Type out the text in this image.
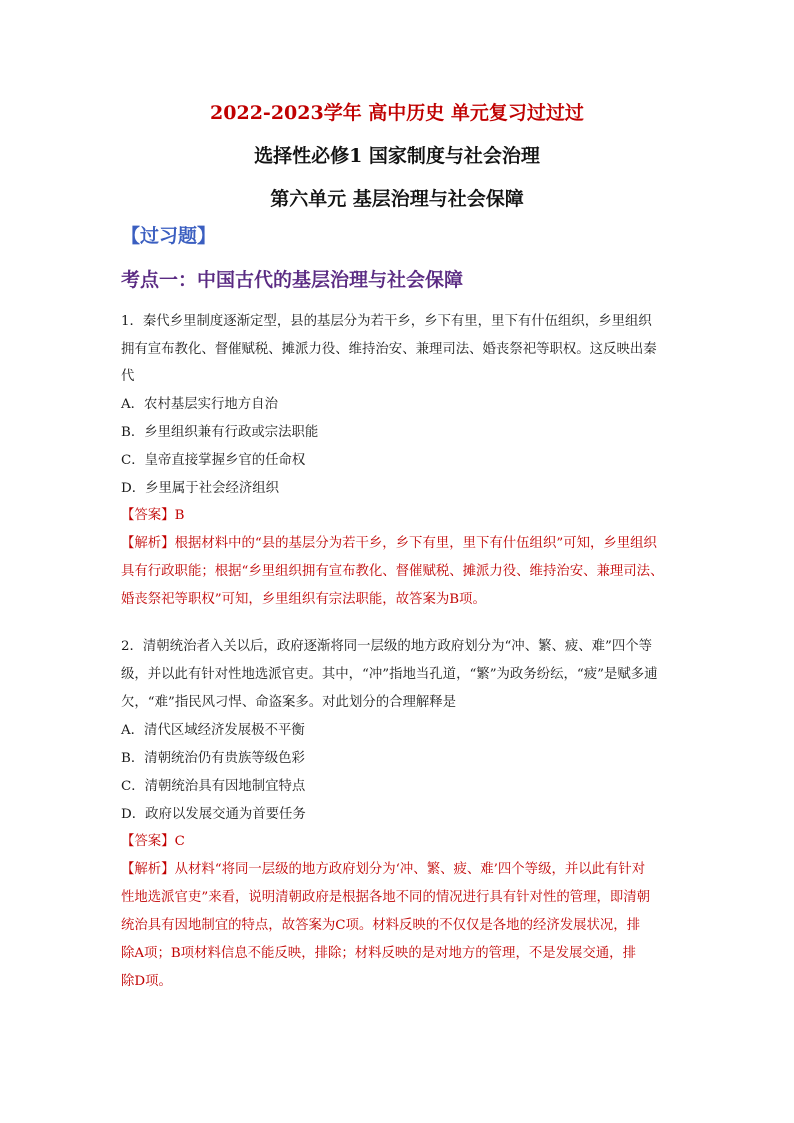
2022-2023学年 高中历史 单元复习过过过
选择性必修1 国家制度与社会治理
第六单元 基层治理与社会保障
【过习题】
考点一：中国古代的基层治理与社会保障
1．秦代乡里制度逐渐定型，县的基层分为若干乡，乡下有里，里下有什伍组织，乡里组织
拥有宣布教化、督催赋税、摊派力役、维持治安、兼理司法、婚丧祭祀等职权。这反映出秦
代
A．农村基层实行地方自治
B．乡里组织兼有行政或宗法职能
C．皇帝直接掌握乡官的任命权
D．乡里属于社会经济组织
【答案】B
【解析】根据材料中的“县的基层分为若干乡，乡下有里，里下有什伍组织”可知，乡里组织
具有行政职能；根据“乡里组织拥有宣布教化、督催赋税、摊派力役、维持治安、兼理司法、
婚丧祭祀等职权”可知，乡里组织有宗法职能，故答案为B项。
2．清朝统治者入关以后，政府逐渐将同一层级的地方政府划分为“冲、繁、疲、难”四个等
级，并以此有针对性地选派官吏。其中，“冲”指地当孔道，“繁”为政务纷纭，“疲”是赋多逋
欠，“难”指民风刁悍、命盗案多。对此划分的合理解释是
A．清代区域经济发展极不平衡
B．清朝统治仍有贵族等级色彩
C．清朝统治具有因地制宜特点
D．政府以发展交通为首要任务
【答案】C
【解析】从材料“将同一层级的地方政府划分为‘冲、繁、疲、难’四个等级，并以此有针对
性地选派官吏”来看，说明清朝政府是根据各地不同的情况进行具有针对性的管理，即清朝
统治具有因地制宜的特点，故答案为C项。材料反映的不仅仅是各地的经济发展状况，排
除A项；B项材料信息不能反映，排除；材料反映的是对地方的管理，不是发展交通，排
除D项。
